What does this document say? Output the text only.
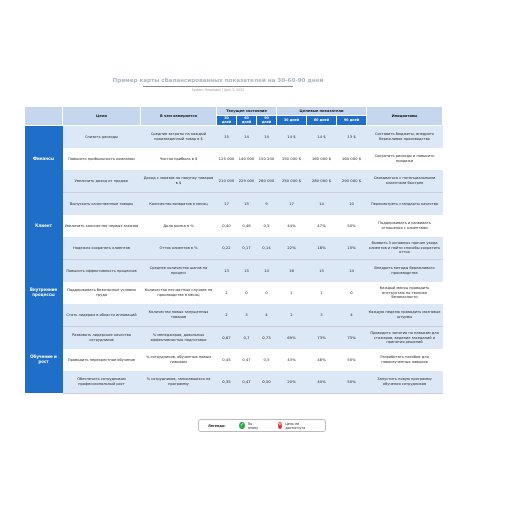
Пример карты сбалансированных показателей на 30-60-90 дней
System Templates | April 3, 2020
	Цели	В чем измеряется	Текущее состояние			Целевые показатели			Инициативы
			30 дней	60 дней	90 дней	30 дней	60 дней	90 дней	
Финансы	Снизить расходы	Средние затраты на каждый произведенный товар в $	15	14	14	14 $	14 $	13 $	Составить бюджеты, внедрить бережливое производство
	Повысить прибыльность компании	Чистая прибыль в $	125 000	140 000	150 250	150 000 $	160 000 $	160 000 $	Сократить расходы и повысить продажи
	Увеличить доход от продаж	Доход с заказов на покупку товаров в $	210 000	229 000	260 000	250 000 $	280 000 $	290 000 $	Связываться с потенциальными клиентами быстрее
Клиент	Выпускать качественные товары	Количество возвратов в месяц	17	15	9	17	14	10	Пересмотреть стандарты качества
	Увеличить количество первых заказов	Доля рынка в %	0,40	0,46	0,5	44%	47%	50%	Поддерживать и развивать отношения с клиентами
	Надежно сохранять клиентов	Отток клиентов в %	0,22	0,17	0,14	22%	18%	15%	Выявить 5 основных причин ухода клиентов и найти способы сократить отток
Внутренние процессы	Повысить эффективность процессов	Среднее количество шагов на процесс	13	15	14	16	15	14	Внедрить методы бережливого производства
	Поддерживать безопасные условия труда	Количество несчастных случаев на производстве в месяц	2	0	0	1	1	0	Каждый месяц проводить инструктаж по технике безопасности
	Стать лидером в области инноваций	Количество новых запущенных товаров	2	3	4	2	3	4	Каждую неделю проводить мозговые штурмы
Обучение и рост	Развивать лидерские качества сотрудников	% менеджеров, довольных эффективностью подготовки	0,67	0,7	0,73	69%	73%	75%	Проводить занятия по навыкам для стажеров, ведение заседаний и принятия решений
	Проводить перекрестное обучение	% сотрудников, обученных новым навыкам	0,45	0,47	0,5	43%	48%	50%	Разработать пособие для новоизученных навыков
	Обеспечить сотрудникам профессиональный рост	% сотрудников, записавшихся на программу	0,35	0,47	0,50	20%	40%	50%	Запустить новую программу обучения сотрудников
Легенда:	✓ По плану	✕ Цель не достигнута
